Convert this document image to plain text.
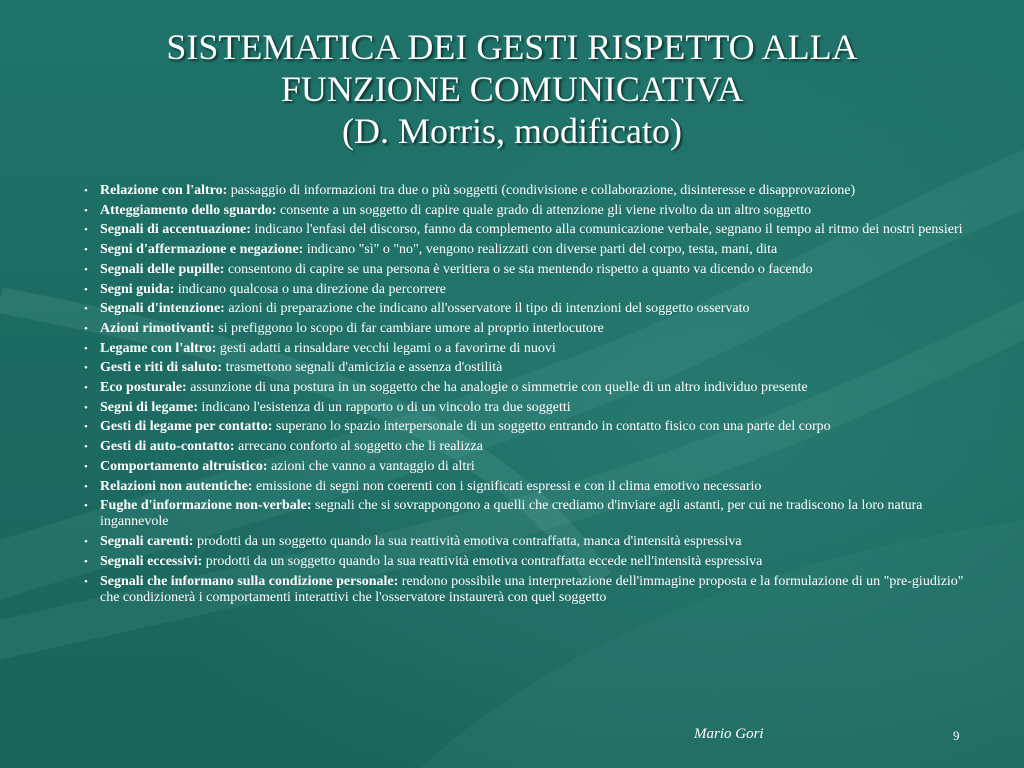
SISTEMATICA DEI GESTI RISPETTO ALLA
FUNZIONE COMUNICATIVA
(D. Morris, modificato)
• Relazione con l'altro: passaggio di informazioni tra due o più soggetti (condivisione e collaborazione, disinteresse e disapprovazione)
• Atteggiamento dello sguardo: consente a un soggetto di capire quale grado di attenzione gli viene rivolto da un altro soggetto
• Segnali di accentuazione: indicano l'enfasi del discorso, fanno da complemento alla comunicazione verbale, segnano il tempo al ritmo dei nostri pensieri
• Segni d'affermazione e negazione: indicano "sì" o "no", vengono realizzati con diverse parti del corpo, testa, mani, dita
• Segnali delle pupille: consentono di capire se una persona è veritiera o se sta mentendo rispetto a quanto va dicendo o facendo
• Segni guida: indicano qualcosa o una direzione da percorrere
• Segnali d'intenzione: azioni di preparazione che indicano all'osservatore il tipo di intenzioni del soggetto osservato
• Azioni rimotivanti: si prefiggono lo scopo di far cambiare umore al proprio interlocutore
• Legame con l'altro: gesti adatti a rinsaldare vecchi legami o a favorirne di nuovi
• Gesti e riti di saluto: trasmettono segnali d'amicizia e assenza d'ostilità
• Eco posturale: assunzione di una postura in un soggetto che ha analogie o simmetrie con quelle di un altro individuo presente
• Segni di legame: indicano l'esistenza di un rapporto o di un vincolo tra due soggetti
• Gesti di legame per contatto: superano lo spazio interpersonale di un soggetto entrando in contatto fisico con una parte del corpo
• Gesti di auto-contatto: arrecano conforto al soggetto che li realizza
• Comportamento altruistico: azioni che vanno a vantaggio di altri
• Relazioni non autentiche: emissione di segni non coerenti con i significati espressi e con il clima emotivo necessario
• Fughe d'informazione non-verbale: segnali che si sovrappongono a quelli che crediamo d'inviare agli astanti, per cui ne tradiscono la loro natura ingannevole
• Segnali carenti: prodotti da un soggetto quando la sua reattività emotiva contraffatta, manca d'intensità espressiva
• Segnali eccessivi: prodotti da un soggetto quando la sua reattività emotiva contraffatta eccede nell'intensità espressiva
• Segnali che informano sulla condizione personale: rendono possibile una interpretazione dell'immagine proposta e la formulazione di un "pre-giudizio" che condizionerà i comportamenti interattivi che l'osservatore instaurerà con quel soggetto
Mario Gori	9
